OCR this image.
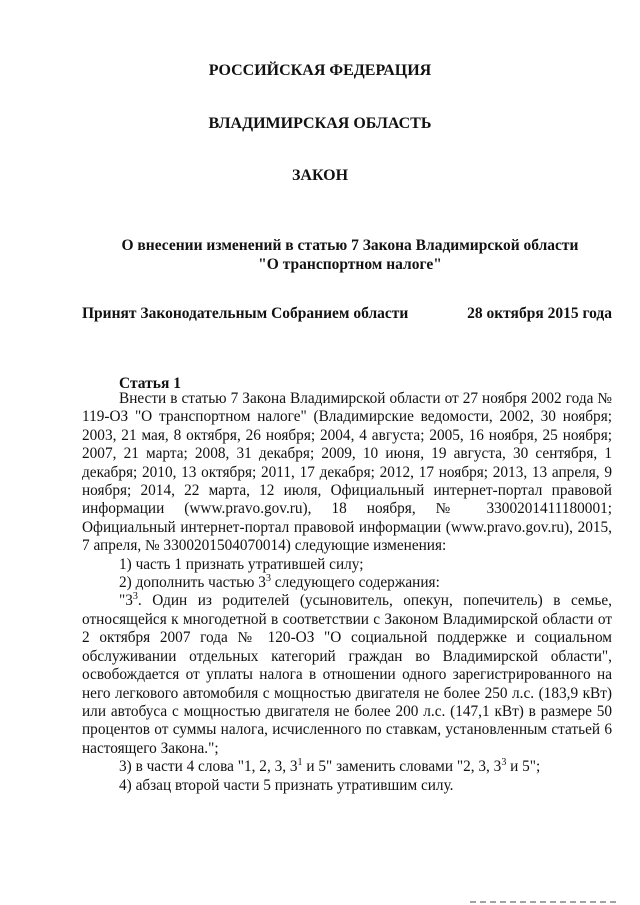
РОССИЙСКАЯ ФЕДЕРАЦИЯ
ВЛАДИМИРСКАЯ ОБЛАСТЬ
ЗАКОН
О внесении изменений в статью 7 Закона Владимирской области
"О транспортном налоге"
Принят Законодательным Собранием области	28 октября 2015 года
Статья 1

Внести в статью 7 Закона Владимирской области от 27 ноября 2002 года № 119-ОЗ "О транспортном налоге" (Владимирские ведомости, 2002, 30 ноября; 2003, 21 мая, 8 октября, 26 ноября; 2004, 4 августа; 2005, 16 ноября, 25 ноября; 2007, 21 марта; 2008, 31 декабря; 2009, 10 июня, 19 августа, 30 сентября, 1 декабря; 2010, 13 октября; 2011, 17 декабря; 2012, 17 ноября; 2013, 13 апреля, 9 ноября; 2014, 22 марта, 12 июля, Официальный интернет-портал правовой информации (www.pravo.gov.ru), 18 ноября, № 3300201411180001; Официальный интернет-портал правовой информации (www.pravo.gov.ru), 2015, 7 апреля, № 3300201504070014) следующие изменения:

1) часть 1 признать утратившей силу;

2) дополнить частью $3^3$ следующего содержания:

"$3^3$. Один из родителей (усыновитель, опекун, попечитель) в семье, относящейся к многодетной в соответствии с Законом Владимирской области от 2 октября 2007 года № 120-ОЗ "О социальной поддержке и социальном обслуживании отдельных категорий граждан во Владимирской области", освобождается от уплаты налога в отношении одного зарегистрированного на него легкового автомобиля с мощностью двигателя не более 250 л.с. (183,9 кВт) или автобуса с мощностью двигателя не более 200 л.с. (147,1 кВт) в размере 50 процентов от суммы налога, исчисленного по ставкам, установленным статьей 6 настоящего Закона.";

3) в части 4 слова "1, 2, 3, $3^1$ и 5" заменить словами "2, 3, $3^3$ и 5";

4) абзац второй части 5 признать утратившим силу.
